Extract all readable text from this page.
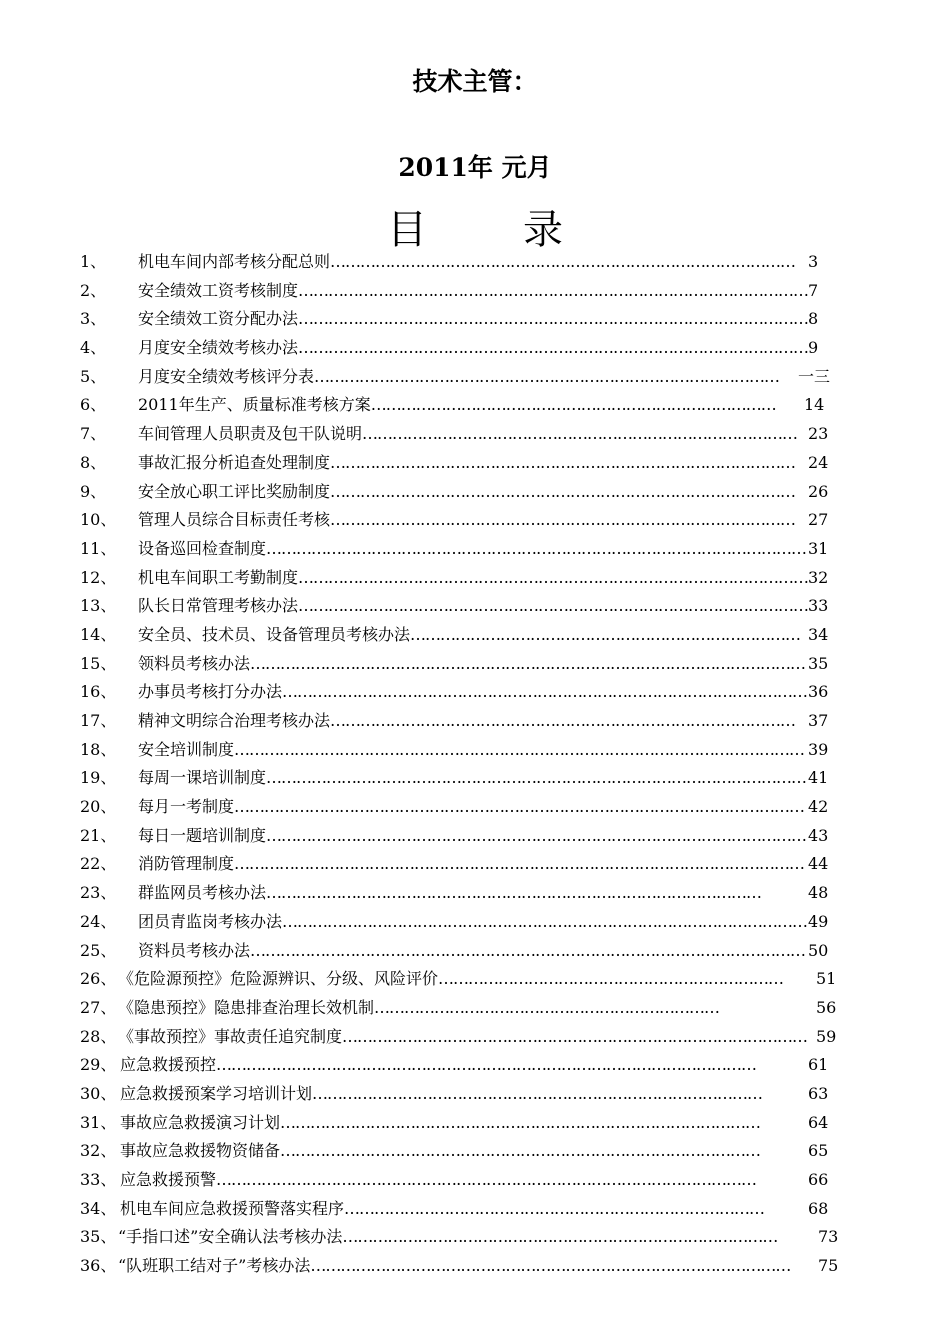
技术主管：
2011年 元月
目 录
1、 机电车间内部考核分配总则………………………………………………………………………………… 3
2、 安全绩效工资考核制度………………………………………………………………………………………… 7
3、 安全绩效工资分配办法………………………………………………………………………………………… 8
4、 月度安全绩效考核办法………………………………………………………………………………………… 9
5、 月度安全绩效考核评分表………………………………………………………………………………… 一三
6、 2011年生产、质量标准考核方案……………………………………………………………………… 14
7、 车间管理人员职责及包干队说明…………………………………………………………………………… 23
8、 事故汇报分析追查处理制度………………………………………………………………………………… 24
9、 安全放心职工评比奖励制度………………………………………………………………………………… 26
10、 管理人员综合目标责任考核………………………………………………………………………………… 27
11、 设备巡回检查制度……………………………………………………………………………………………… 31
12、 机电车间职工考勤制度………………………………………………………………………………………… 32
13、 队长日常管理考核办法………………………………………………………………………………………… 33
14、 安全员、技术员、设备管理员考核办法…………………………………………………………………… 34
15、 领料员考核办法………………………………………………………………………………………………… 35
16、 办事员考核打分办法…………………………………………………………………………………………… 36
17、 精神文明综合治理考核办法………………………………………………………………………………… 37
18、 安全培训制度…………………………………………………………………………………………………… 39
19、 每周一课培训制度……………………………………………………………………………………………… 41
20、 每月一考制度…………………………………………………………………………………………………… 42
21、 每日一题培训制度……………………………………………………………………………………………… 43
22、 消防管理制度…………………………………………………………………………………………………… 44
23、 群监网员考核办法………………………………………………………………………………………	48
24、 团员青监岗考核办法…………………………………………………………………………………………… 49
25、 资料员考核办法………………………………………………………………………………………………… 50
26、 《危险源预控》危险源辨识、分级、风险评价…………………………………………………………… 51
27、 《隐患预控》隐患排查治理长效机制……………………………………………………………	56
28、 《事故预控》事故责任追究制度………………………………………………………………………………… 59
29、 应急救援预控………………………………………………………………………………………………	61
30、 应急救援预案学习培训计划………………………………………………………………………………	63
31、 事故应急救援演习计划……………………………………………………………………………………	64
32、 事故应急救援物资储备……………………………………………………………………………………	65
33、 应急救援预警………………………………………………………………………………………………	66
34、 机电车间应急救援预警落实程序…………………………………………………………………………	68
35、 “手指口述”安全确认法考核办法……………………………………………………………………………	73
36、 “队班职工结对子”考核办法…………………………………………………………………………………… 75
